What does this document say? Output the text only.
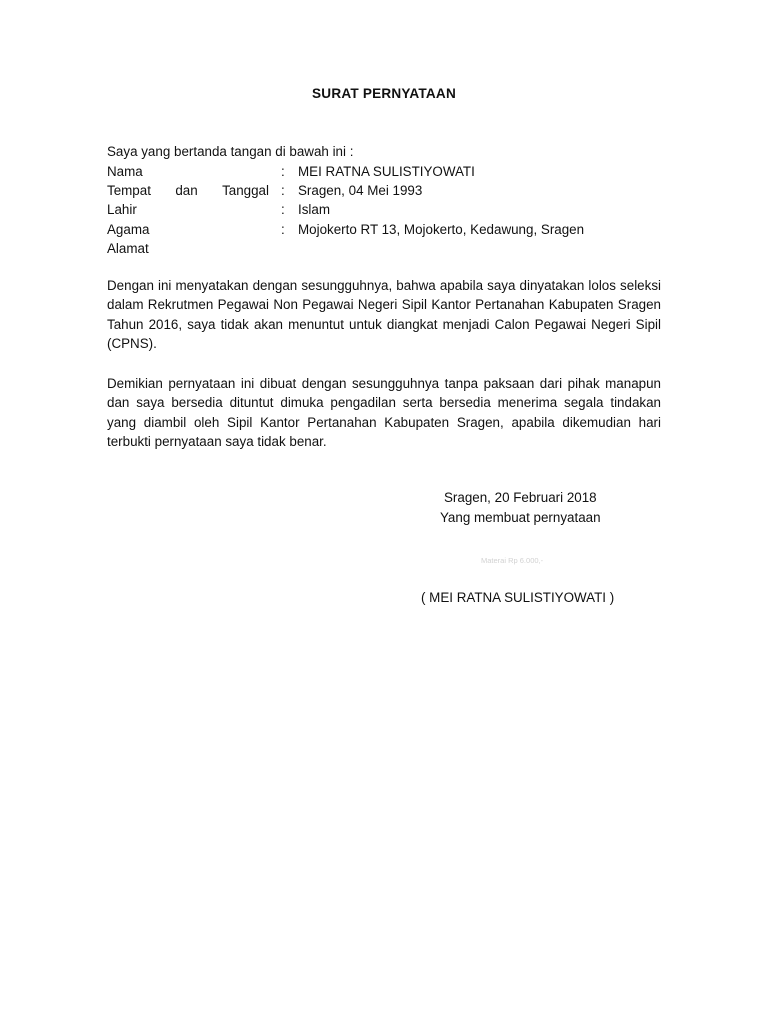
SURAT PERNYATAAN
Saya yang bertanda tangan di bawah ini :
Nama
Tempat dan Tanggal
Lahir
Agama
Alamat
:
:
:
:
MEI RATNA SULISTIYOWATI
Sragen, 04 Mei 1993
Islam
Mojokerto RT 13, Mojokerto, Kedawung, Sragen
Dengan ini menyatakan dengan sesungguhnya, bahwa apabila saya dinyatakan lolos seleksi dalam Rekrutmen Pegawai Non Pegawai Negeri Sipil Kantor Pertanahan Kabupaten Sragen Tahun 2016, saya tidak akan menuntut untuk diangkat menjadi Calon Pegawai Negeri Sipil (CPNS).
Demikian pernyataan ini dibuat dengan sesungguhnya tanpa paksaan dari pihak manapun dan saya bersedia dituntut dimuka pengadilan serta bersedia menerima segala tindakan yang diambil oleh Sipil Kantor Pertanahan Kabupaten Sragen, apabila dikemudian hari terbukti pernyataan saya tidak benar.
Sragen, 20 Februari 2018
Yang membuat pernyataan
Materai Rp 6.000,-
( MEI RATNA SULISTIYOWATI )
